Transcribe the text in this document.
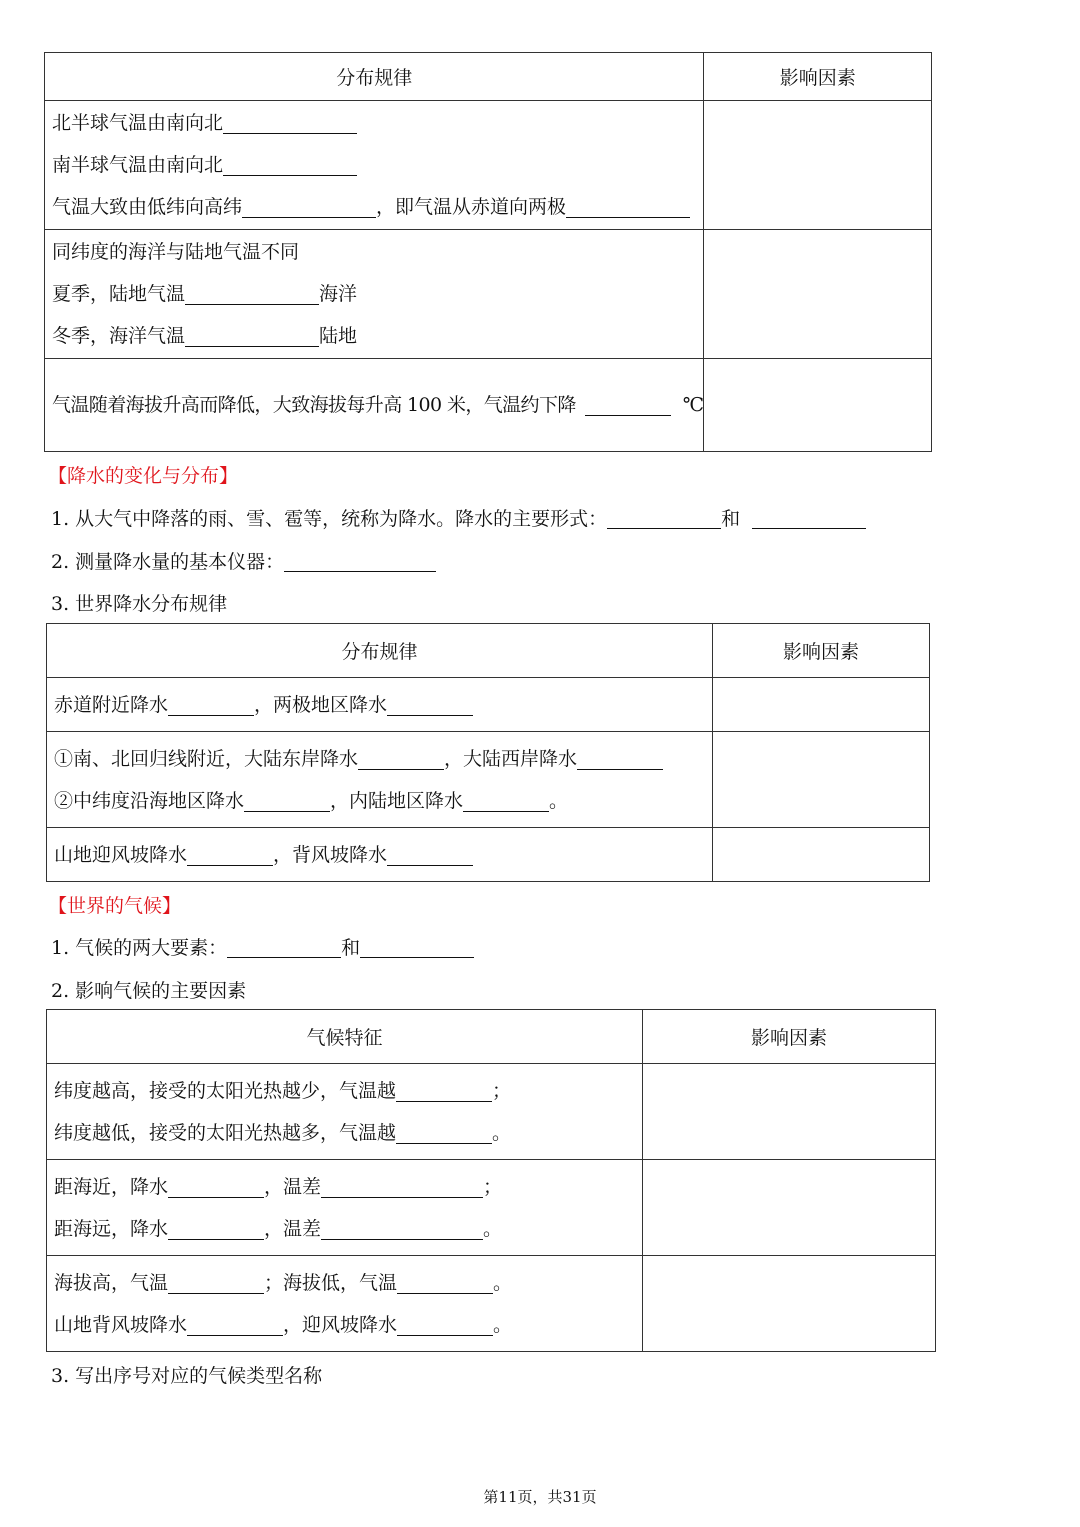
分布规律	影响因素

北半球气温由南向北
南半球气温由南向北
气温大致由低纬向高纬 ，即气温从赤道向两极	

同纬度的海洋与陆地气温不同
夏季，陆地气温 海洋
冬季，海洋气温 陆地	

气温随着海拔升高而降低，大致海拔每升高 100 米，气温约下降 ℃	

【降水的变化与分布】
1. 从大气中降落的雨、雪、雹等，统称为降水。降水的主要形式：	和
2. 测量降水量的基本仪器：
3. 世界降水分布规律
分布规律	影响因素

赤道附近降水 ，两极地区降水	

①南、北回归线附近，大陆东岸降水 ，大陆西岸降水
②中纬度沿海地区降水 ，内陆地区降水 。	

山地迎风坡降水 ，背风坡降水	

【世界的气候】
1. 气候的两大要素：	和
2. 影响气候的主要因素
气候特征	影响因素

纬度越高，接受的太阳光热越少，气温越 ；
纬度越低，接受的太阳光热越多，气温越 。	

距海近，降水 ，温差 ；
距海远，降水 ，温差 。	

海拔高，气温 ；海拔低，气温 。
山地背风坡降水 ，迎风坡降水 。	

3. 写出序号对应的气候类型名称
第11页，共31页
